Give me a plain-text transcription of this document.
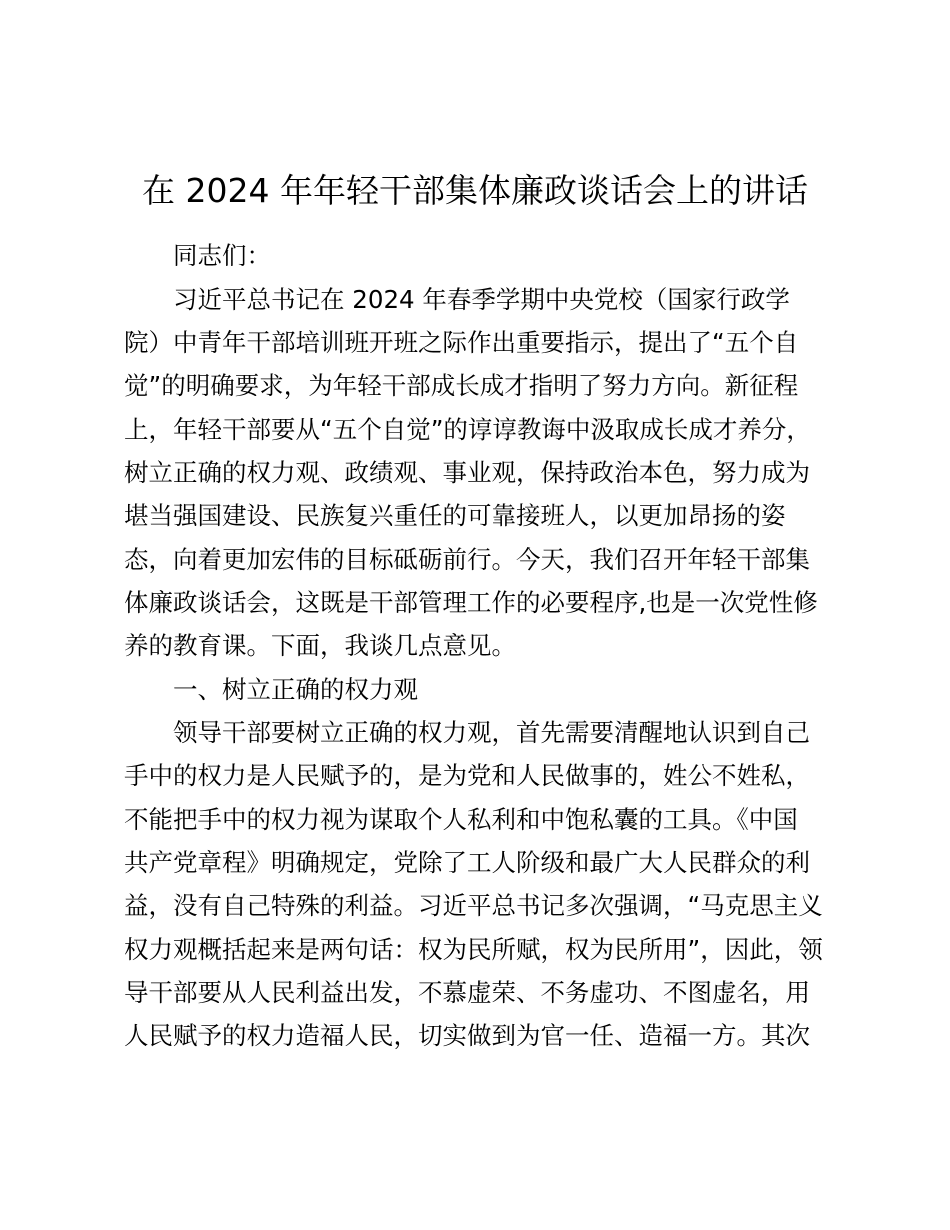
在 2024 年年轻干部集体廉政谈话会上的讲话

同志们：

习近平总书记在 2024 年春季学期中央党校（国家行政学

院）中青年干部培训班开班之际作出重要指示，提出了“五个自

觉”的明确要求，为年轻干部成长成才指明了努力方向。新征程

上，年轻干部要从“五个自觉”的谆谆教诲中汲取成长成才养分，

树立正确的权力观、政绩观、事业观，保持政治本色，努力成为

堪当强国建设、民族复兴重任的可靠接班人，以更加昂扬的姿

态，向着更加宏伟的目标砥砺前行。今天，我们召开年轻干部集

体廉政谈话会，这既是干部管理工作的必要程序,也是一次党性修

养的教育课。下面，我谈几点意见。

一、树立正确的权力观

领导干部要树立正确的权力观，首先需要清醒地认识到自己

手中的权力是人民赋予的，是为党和人民做事的，姓公不姓私，

不能把手中的权力视为谋取个人私利和中饱私囊的工具。《中国

共产党章程》明确规定，党除了工人阶级和最广大人民群众的利

益，没有自己特殊的利益。习近平总书记多次强调，“马克思主义

权力观概括起来是两句话：权为民所赋，权为民所用”，因此，领

导干部要从人民利益出发，不慕虚荣、不务虚功、不图虚名，用

人民赋予的权力造福人民，切实做到为官一任、造福一方。其次
